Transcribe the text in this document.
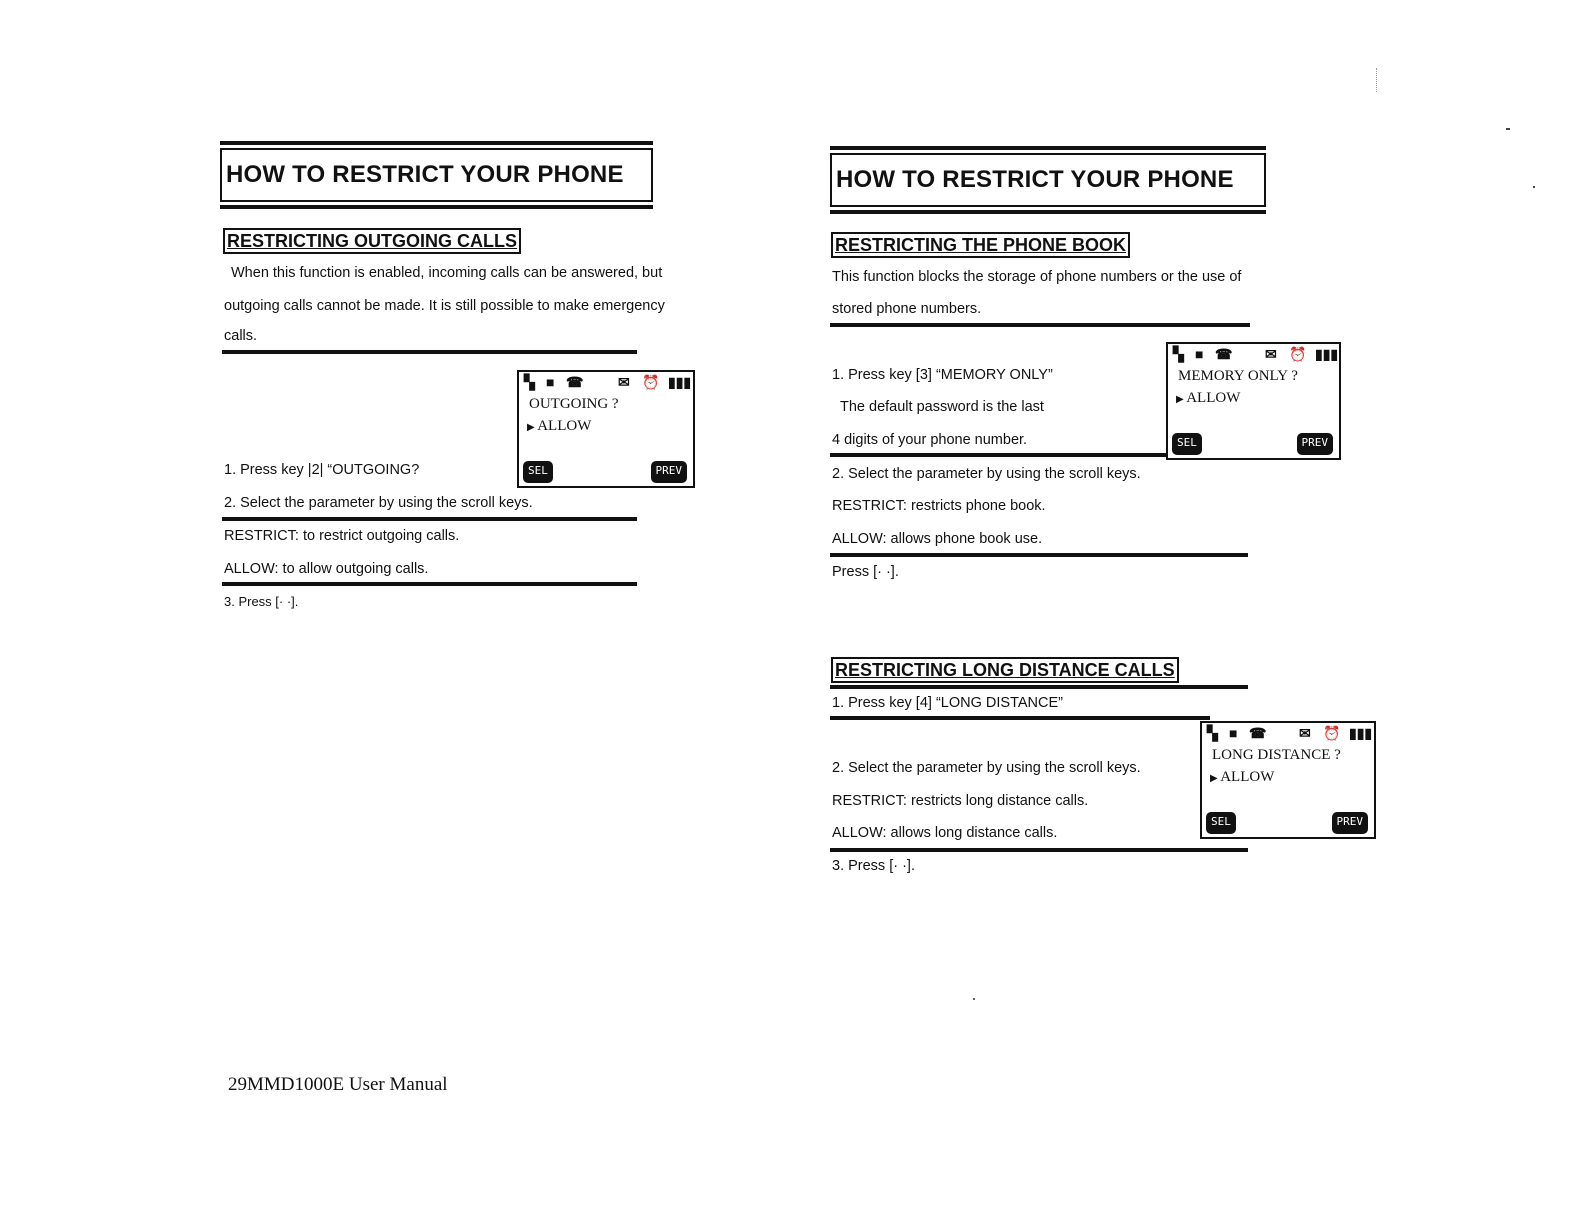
HOW TO RESTRICT YOUR PHONE
RESTRICTING OUTGOING CALLS
When this function is enabled, incoming calls can be answered, but
outgoing calls cannot be made. It is still possible to make emergency
calls.
▚ ■ ☎ ✉ ⏰ ▮▮▮
OUTGOING ?
▶ ALLOW
SEL	PREV
1. Press key |2| “OUTGOING?
2. Select the parameter by using the scroll keys.
RESTRICT: to restrict outgoing calls.
ALLOW: to allow outgoing calls.
3. Press [· ·].
HOW TO RESTRICT YOUR PHONE
RESTRICTING THE PHONE BOOK
This function blocks the storage of phone numbers or the use of
stored phone numbers.
▚ ■ ☎ ✉ ⏰ ▮▮▮
MEMORY ONLY ?
▶ ALLOW
SEL	PREV
1. Press key [3] “MEMORY ONLY”
The default password is the last
4 digits of your phone number.
2. Select the parameter by using the scroll keys.
RESTRICT: restricts phone book.
ALLOW: allows phone book use.
Press [· ·].
RESTRICTING LONG DISTANCE CALLS
1. Press key [4] “LONG DISTANCE”
▚ ■ ☎ ✉ ⏰ ▮▮▮
LONG DISTANCE ?
▶ ALLOW
SEL	PREV
2. Select the parameter by using the scroll keys.
RESTRICT: restricts long distance calls.
ALLOW: allows long distance calls.
3. Press [· ·].
29MMD1000E User Manual
